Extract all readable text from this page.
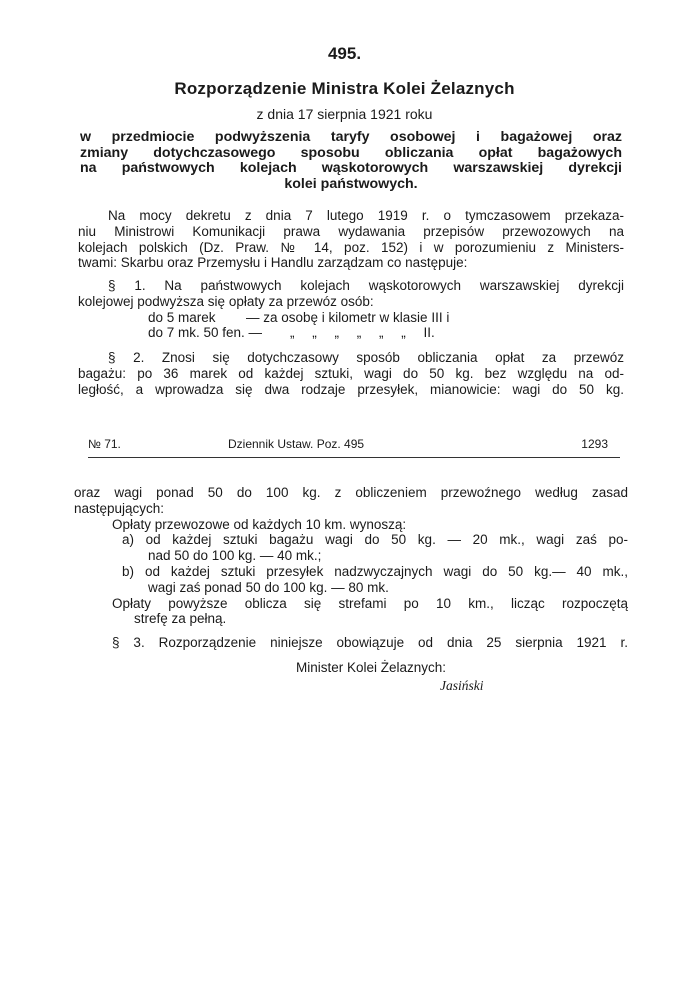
495.
Rozporządzenie Ministra Kolei Żelaznych
z dnia 17 sierpnia 1921 roku
w przedmiocie podwyższenia taryfy osobowej i bagażowej oraz
zmiany dotychczasowego sposobu obliczania opłat bagażowych
na państwowych kolejach wąskotorowych warszawskiej dyrekcji
kolei państwowych.
Na mocy dekretu z dnia 7 lutego 1919 r. o tymczasowem przekaza-
niu Ministrowi Komunikacji prawa wydawania przepisów przewozowych na
kolejach polskich (Dz. Praw. № 14, poz. 152) i w porozumieniu z Ministers-
twami: Skarbu oraz Przemysłu i Handlu zarządzam co następuje:
§ 1. Na państwowych kolejach wąskotorowych warszawskiej dyrekcji
kolejowej podwyższa się opłaty za przewóz osób:
do 5 marek — za osobę i kilometr w klasie III i
do 7 mk. 50 fen. — „ „ „ „ „ „ II.
§ 2. Znosi się dotychczasowy sposób obliczania opłat za przewóz
bagażu: po 36 marek od każdej sztuki, wagi do 50 kg. bez względu na od-
ległość, a wprowadza się dwa rodzaje przesyłek, mianowicie: wagi do 50 kg.
№ 71.	Dziennik Ustaw. Poz. 495	1293
oraz wagi ponad 50 do 100 kg. z obliczeniem przewoźnego według zasad
następujących:
Opłaty przewozowe od każdych 10 km. wynoszą:
a) od każdej sztuki bagażu wagi do 50 kg. — 20 mk., wagi zaś po-
nad 50 do 100 kg. — 40 mk.;
b) od każdej sztuki przesyłek nadzwyczajnych wagi do 50 kg.— 40 mk.,
wagi zaś ponad 50 do 100 kg. — 80 mk.
Opłaty powyższe oblicza się strefami po 10 km., licząc rozpoczętą
strefę za pełną.
§ 3. Rozporządzenie niniejsze obowiązuje od dnia 25 sierpnia 1921 r.
Minister Kolei Żelaznych:
Jasiński
